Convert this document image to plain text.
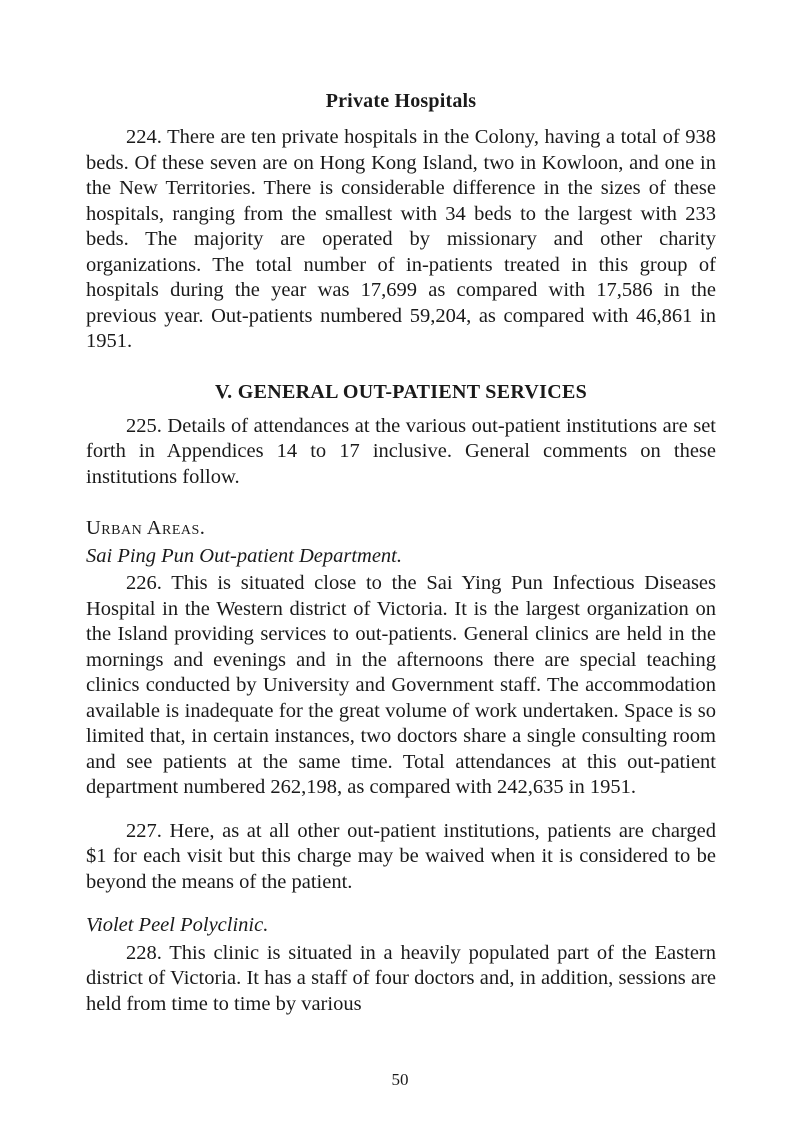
Private Hospitals

224. There are ten private hospitals in the Colony, having a total of 938 beds. Of these seven are on Hong Kong Island, two in Kowloon, and one in the New Territories. There is considerable difference in the sizes of these hospitals, ranging from the smallest with 34 beds to the largest with 233 beds. The majority are operated by missionary and other charity organizations. The total number of in-patients treated in this group of hospitals during the year was 17,699 as compared with 17,586 in the previous year. Out-patients numbered 59,204, as compared with 46,861 in 1951.

V. GENERAL OUT-PATIENT SERVICES

225. Details of attendances at the various out-patient institutions are set forth in Appendices 14 to 17 inclusive. General comments on these institutions follow.

Urban Areas.

Sai Ping Pun Out-patient Department.

226. This is situated close to the Sai Ying Pun Infectious Diseases Hospital in the Western district of Victoria. It is the largest organization on the Island providing services to out-patients. General clinics are held in the mornings and evenings and in the afternoons there are special teaching clinics conducted by University and Government staff. The accommodation available is inadequate for the great volume of work undertaken. Space is so limited that, in certain instances, two doctors share a single consulting room and see patients at the same time. Total attendances at this out-patient department numbered 262,198, as compared with 242,635 in 1951.

227. Here, as at all other out-patient institutions, patients are charged $1 for each visit but this charge may be waived when it is considered to be beyond the means of the patient.

Violet Peel Polyclinic.

228. This clinic is situated in a heavily populated part of the Eastern district of Victoria. It has a staff of four doctors and, in addition, sessions are held from time to time by various

50
